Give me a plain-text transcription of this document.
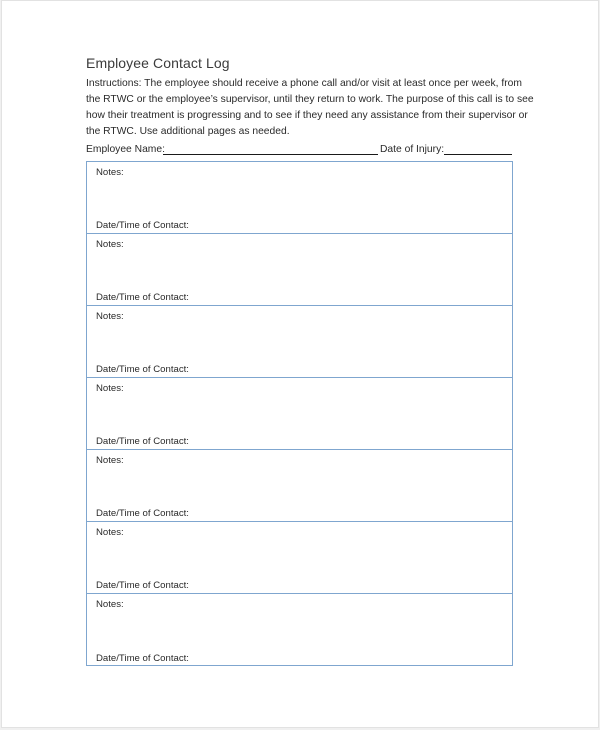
Employee Contact Log
Instructions: The employee should receive a phone call and/or visit at least once per week, from
the RTWC or the employee’s supervisor, until they return to work. The purpose of this call is to see
how their treatment is progressing and to see if they need any assistance from their supervisor or
the RTWC. Use additional pages as needed.
Employee Name:	Date of Injury:
Notes:
Date/Time of Contact:
Notes:
Date/Time of Contact:
Notes:
Date/Time of Contact:
Notes:
Date/Time of Contact:
Notes:
Date/Time of Contact:
Notes:
Date/Time of Contact:
Notes:
Date/Time of Contact:
